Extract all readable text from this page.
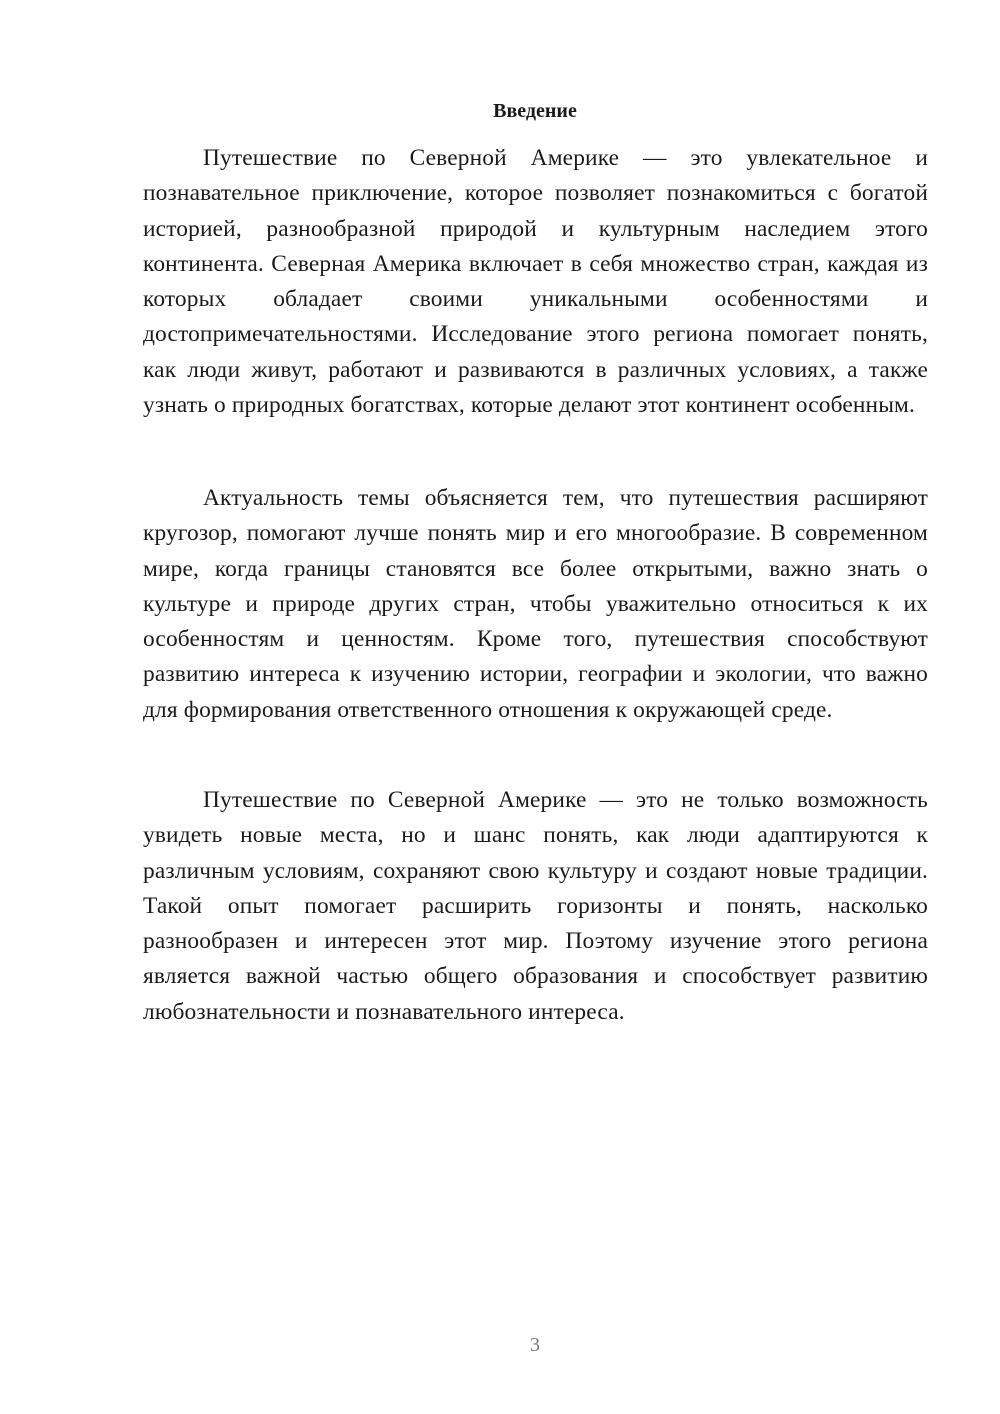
Введение

Путешествие по Северной Америке — это увлекательное и познавательное приключение, которое позволяет познакомиться с богатой историей, разнообразной природой и культурным наследием этого континента. Северная Америка включает в себя множество стран, каждая из которых обладает своими уникальными особенностями и достопримечательностями. Исследование этого региона помогает понять, как люди живут, работают и развиваются в различных условиях, а также узнать о природных богатствах, которые делают этот континент особенным.

Актуальность темы объясняется тем, что путешествия расширяют кругозор, помогают лучше понять мир и его многообразие. В современном мире, когда границы становятся все более открытыми, важно знать о культуре и природе других стран, чтобы уважительно относиться к их особенностям и ценностям. Кроме того, путешествия способствуют развитию интереса к изучению истории, географии и экологии, что важно для формирования ответственного отношения к окружающей среде.

Путешествие по Северной Америке — это не только возможность увидеть новые места, но и шанс понять, как люди адаптируются к различным условиям, сохраняют свою культуру и создают новые традиции. Такой опыт помогает расширить горизонты и понять, насколько разнообразен и интересен этот мир. Поэтому изучение этого региона является важной частью общего образования и способствует развитию любознательности и познавательного интереса.

3
